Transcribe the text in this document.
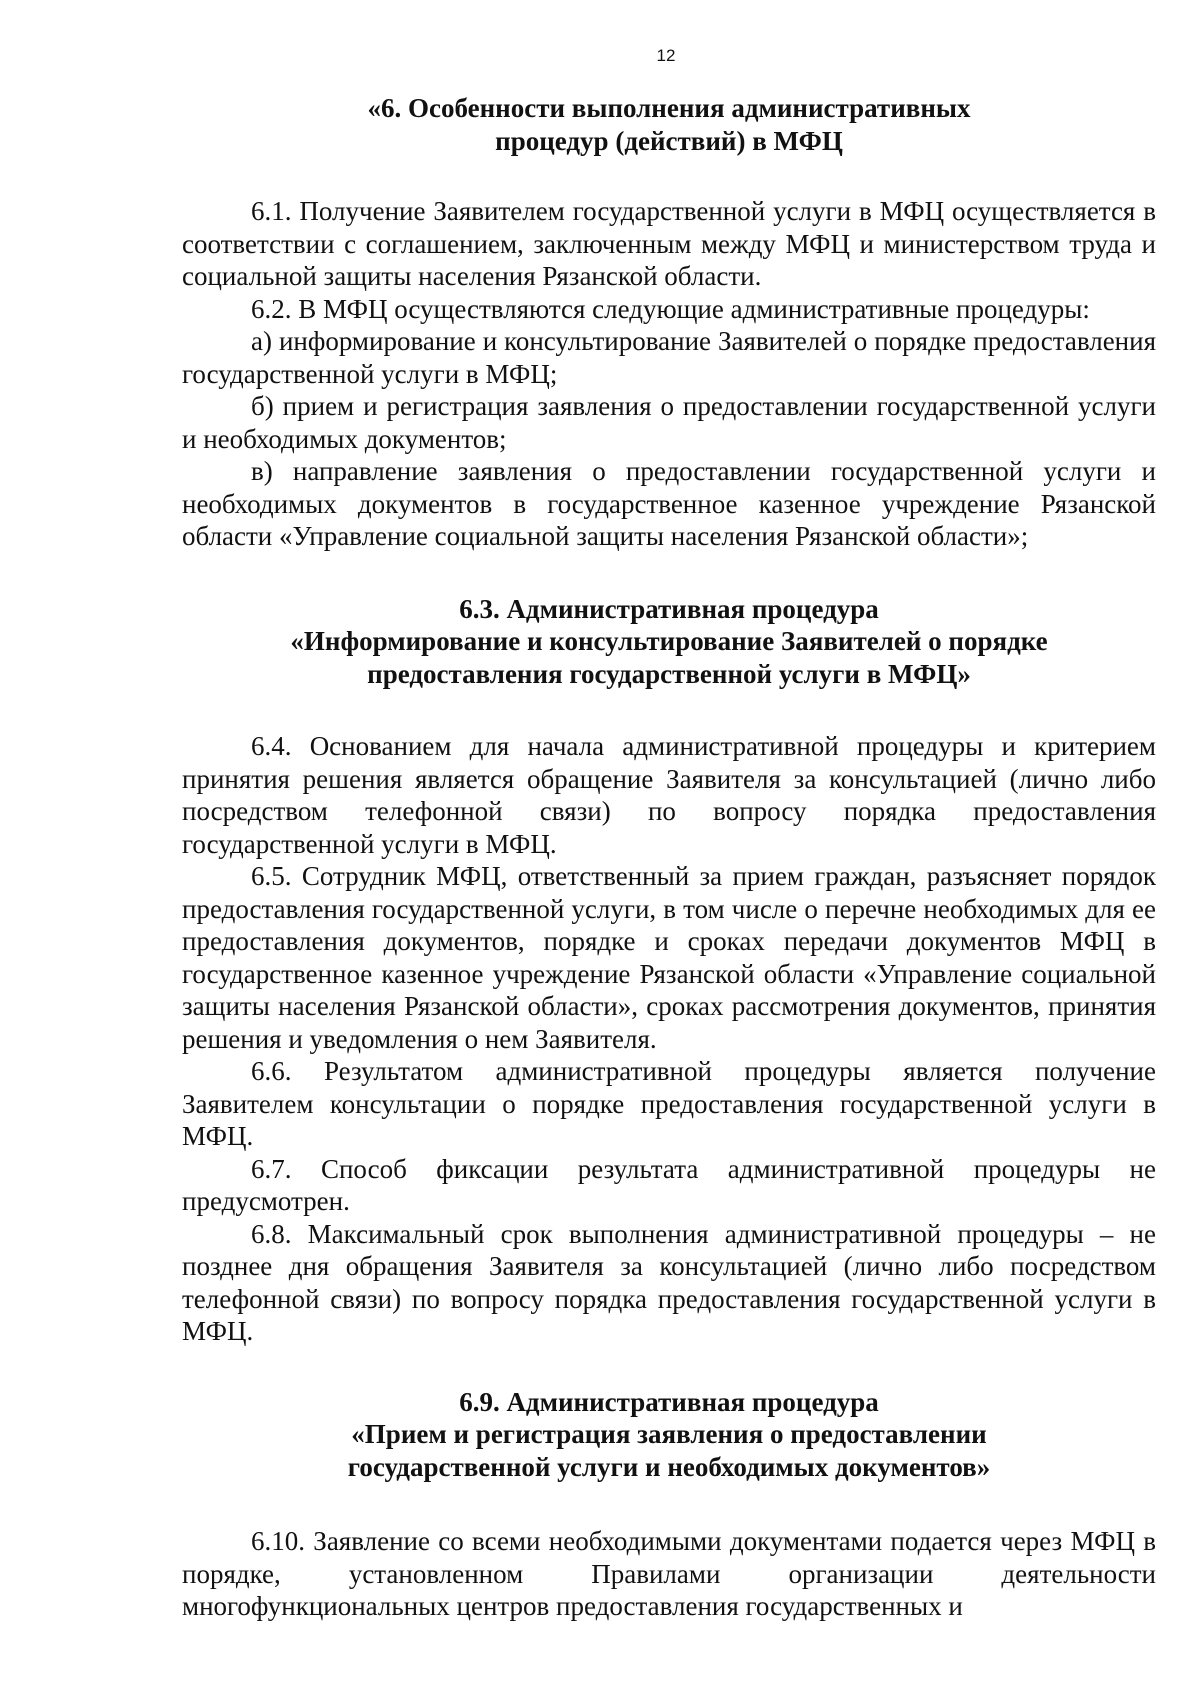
12
«6. Особенности выполнения административных
процедур (действий) в МФЦ

6.1. Получение Заявителем государственной услуги в МФЦ осуществляется в соответствии с соглашением, заключенным между МФЦ и министерством труда и социальной защиты населения Рязанской области.

6.2. В МФЦ осуществляются следующие административные процедуры:

а) информирование и консультирование Заявителей о порядке предоставления государственной услуги в МФЦ;

б) прием и регистрация заявления о предоставлении государственной услуги и необходимых документов;

в) направление заявления о предоставлении государственной услуги и необходимых документов в государственное казенное учреждение Рязанской области «Управление социальной защиты населения Рязанской области»;

6.3. Административная процедура
«Информирование и консультирование Заявителей о порядке
предоставления государственной услуги в МФЦ»

6.4. Основанием для начала административной процедуры и критерием принятия решения является обращение Заявителя за консультацией (лично либо посредством телефонной связи) по вопросу порядка предоставления государственной услуги в МФЦ.

6.5. Сотрудник МФЦ, ответственный за прием граждан, разъясняет порядок предоставления государственной услуги, в том числе о перечне необходимых для ее предоставления документов, порядке и сроках передачи документов МФЦ в государственное казенное учреждение Рязанской области «Управление социальной защиты населения Рязанской области», сроках рассмотрения документов, принятия решения и уведомления о нем Заявителя.

6.6. Результатом административной процедуры является получение Заявителем консультации о порядке предоставления государственной услуги в МФЦ.

6.7. Способ фиксации результата административной процедуры не предусмотрен.

6.8. Максимальный срок выполнения административной процедуры – не позднее дня обращения Заявителя за консультацией (лично либо посредством телефонной связи) по вопросу порядка предоставления государственной услуги в МФЦ.

6.9. Административная процедура
«Прием и регистрация заявления о предоставлении
государственной услуги и необходимых документов»

6.10. Заявление со всеми необходимыми документами подается через МФЦ в порядке, установленном Правилами организации деятельности многофункциональных центров предоставления государственных и
